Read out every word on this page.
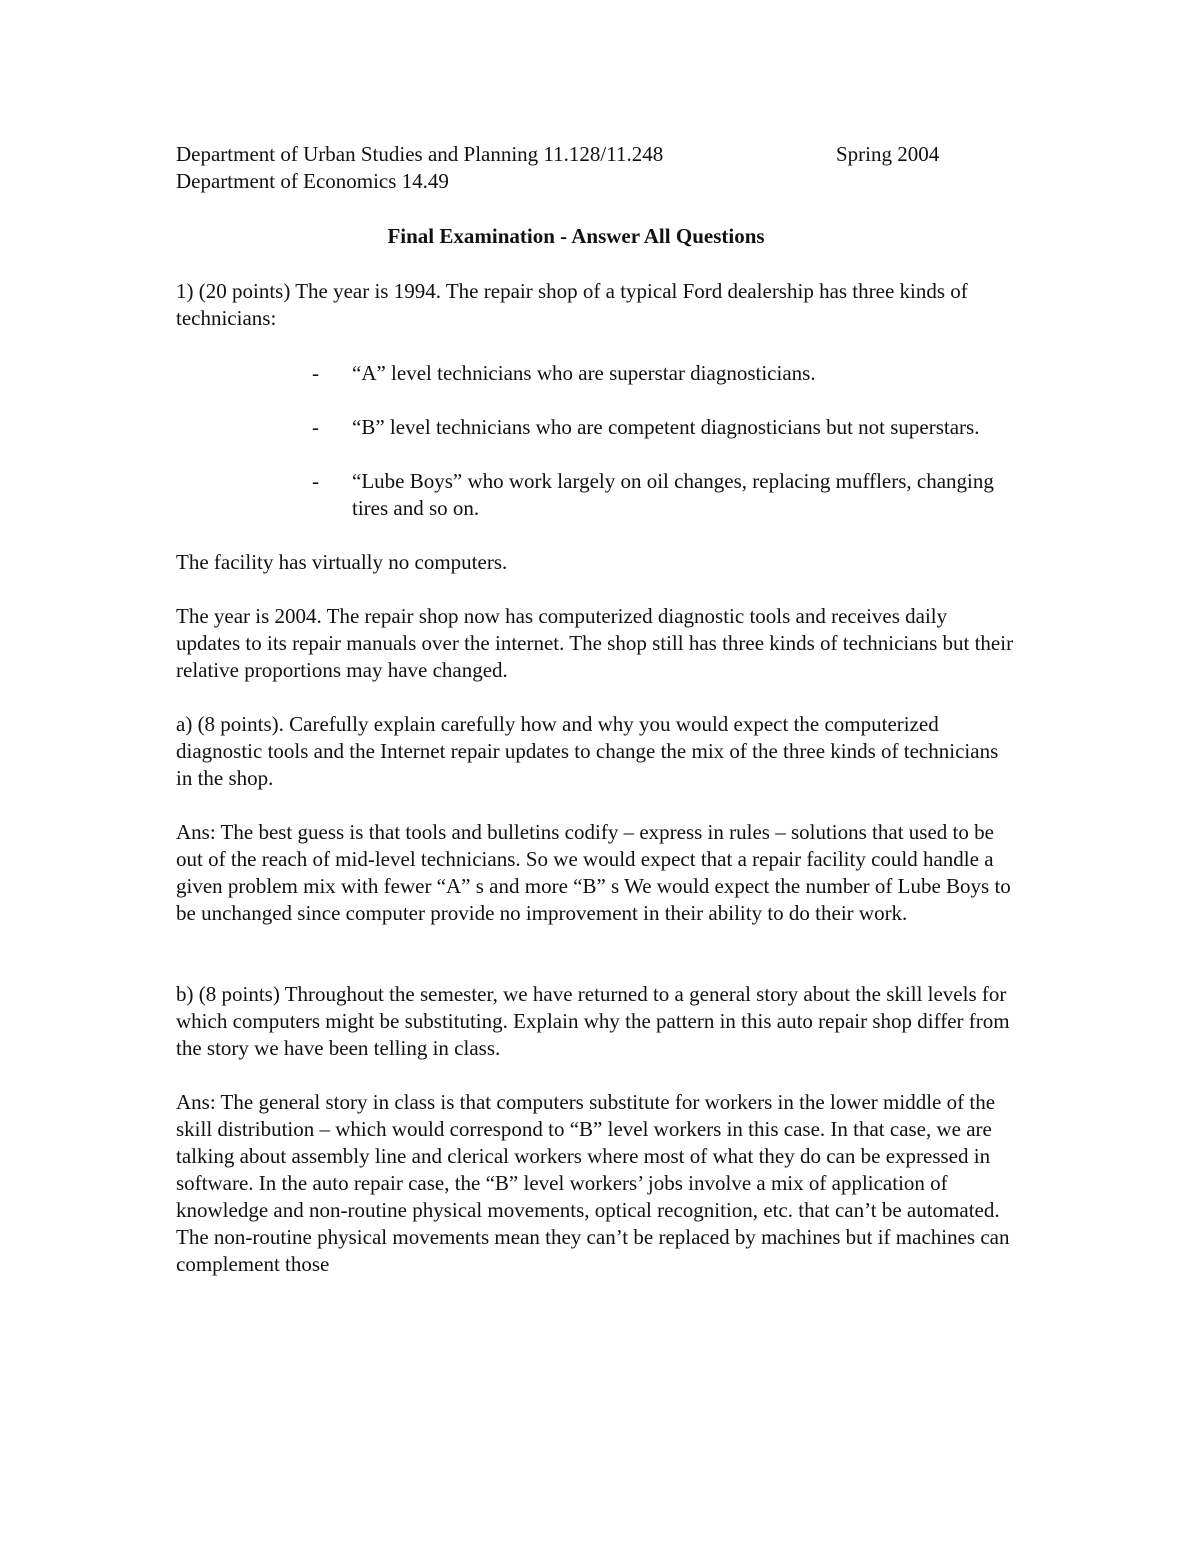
Department of Urban Studies and Planning 11.128/11.248	Spring 2004
Department of Economics 14.49
Final Examination - Answer All Questions

1) (20 points) The year is 1994. The repair shop of a typical Ford dealership has three kinds of technicians:

- “A” level technicians who are superstar diagnosticians.
- “B” level technicians who are competent diagnosticians but not superstars.
- “Lube Boys” who work largely on oil changes, replacing mufflers, changing tires and so on.

The facility has virtually no computers.

The year is 2004. The repair shop now has computerized diagnostic tools and receives daily updates to its repair manuals over the internet. The shop still has three kinds of technicians but their relative proportions may have changed.

a) (8 points). Carefully explain carefully how and why you would expect the computerized diagnostic tools and the Internet repair updates to change the mix of the three kinds of technicians in the shop.

Ans: The best guess is that tools and bulletins codify – express in rules – solutions that used to be out of the reach of mid-level technicians. So we would expect that a repair facility could handle a given problem mix with fewer “A” s and more “B” s We would expect the number of Lube Boys to be unchanged since computer provide no improvement in their ability to do their work.

b) (8 points) Throughout the semester, we have returned to a general story about the skill levels for which computers might be substituting. Explain why the pattern in this auto repair shop differ from the story we have been telling in class.

Ans: The general story in class is that computers substitute for workers in the lower middle of the skill distribution – which would correspond to “B” level workers in this case. In that case, we are talking about assembly line and clerical workers where most of what they do can be expressed in software. In the auto repair case, the “B” level workers’ jobs involve a mix of application of knowledge and non-routine physical movements, optical recognition, etc. that can’t be automated. The non-routine physical movements mean they can’t be replaced by machines but if machines can complement those
